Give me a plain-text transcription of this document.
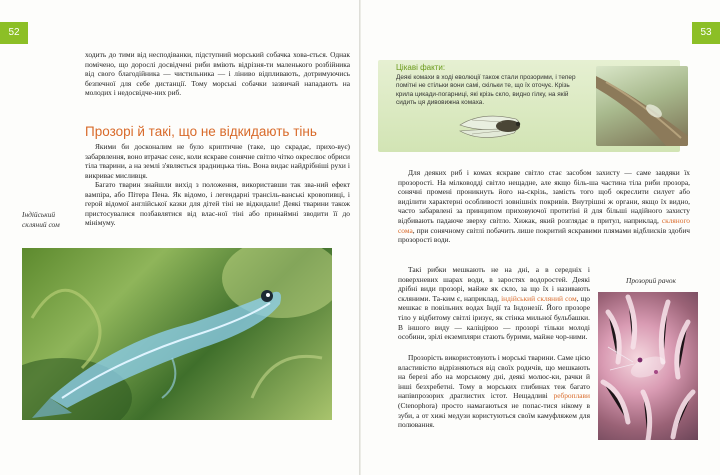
52

ходить до тими від несподіванки, підступний морський собачка хова-ється. Однак помічено, що дорослі досвідчені риби вміють відрізня-ти маленького розбійника від свого благодійника — чистильника — і лінивo відпливають, дотримуючись безпечної для себе дистанції. Тому морські собачки зазвичай нападають на молодих і недосвідче-них риб.

Прозорі й такі, що не відкидають тінь

Якими би досконалим не було криптичне (таке, що скрадає, прихо-вує) забарвлення, воно втрачає сенс, коли яскраве сонячне світло чітко окреслює обриси тіла тварини, а на землі з'являється зрадницька тінь. Вона видає найдрібніші рухи і викриває мисливця.

Багато тварин знайшли вихід з положення, використавши так зва-ний ефект вампіра, або Пітера Пена. Як відомо, і легендарні трансіль-ванські кровопивці, і герой відомої англійської казки для дітей тіні не відкидали! Деякі тварини також пристосувалися позбавлятися від влас-ної тіні або принаймні зводити її до мінімуму.

Індійський скляний сом

53

Цікаві факти:

Деякі комахи в ході еволюції також стали прозорими, і тепер помітні не стільки вони самі, скільки те, що їх оточує. Крізь крила цикади-погарниці, які крізь скло, видно гілку, на якій сидить ця дивовижна комаха.

Для деяких риб і комах яскраве світло стає засобом захисту — саме завдяки їх прозорості. На мілководді світло нещадне, але якщо біль-ша частина тіла риби прозора, сонячні промені проникнуть його на-скрізь, замість того щоб окреслити силует або виділити характерні особливості зовнішніх покривів. Внутрішні ж органи, якщо їх видно, часто забарвлені за принципом приховуючої протитіні й для більші надійного захисту відбивають падаюче зверху світло. Хижак, який розглядає в притул, наприклад, скляного сома, при сонячному світлі побачить лише покритий яскравими плямами відблисків здобич прозорості води.

Такі рибки мешкають не на дні, а в середніх і поверхневих шарах води, в заростях водоростей. Деякі дрібні види прозорі, майже як скло, за що їх і називають скляними. Та-ким є, наприклад, індійський скляний сом, що мешкає в повільних водах Індії та Індонезії. Його прозоре тіло у відбитому світлі іризує, як стінка мильної бульбашки. В іншого виду — каліцірюо — прозорі тільки молоді особини, зрілі екземпляри стають бурими, майже чор-ними.

Прозорість використовують і морські тварини. Саме цією властивістю відрізняються від своїх родичів, що мешкають на березі або на морському дні, деякі молюс-ки, рачки й інші безхребетні. Тому в морських глибинах теж багато напівпрозорих драглистих істот. Нещадливі реброплави (Ctenophora) просто намагаються не попас-тися нікому в зуби, а от хижі медузи користуються своїм камуфляжем для полювання.

Прозорий рачок
